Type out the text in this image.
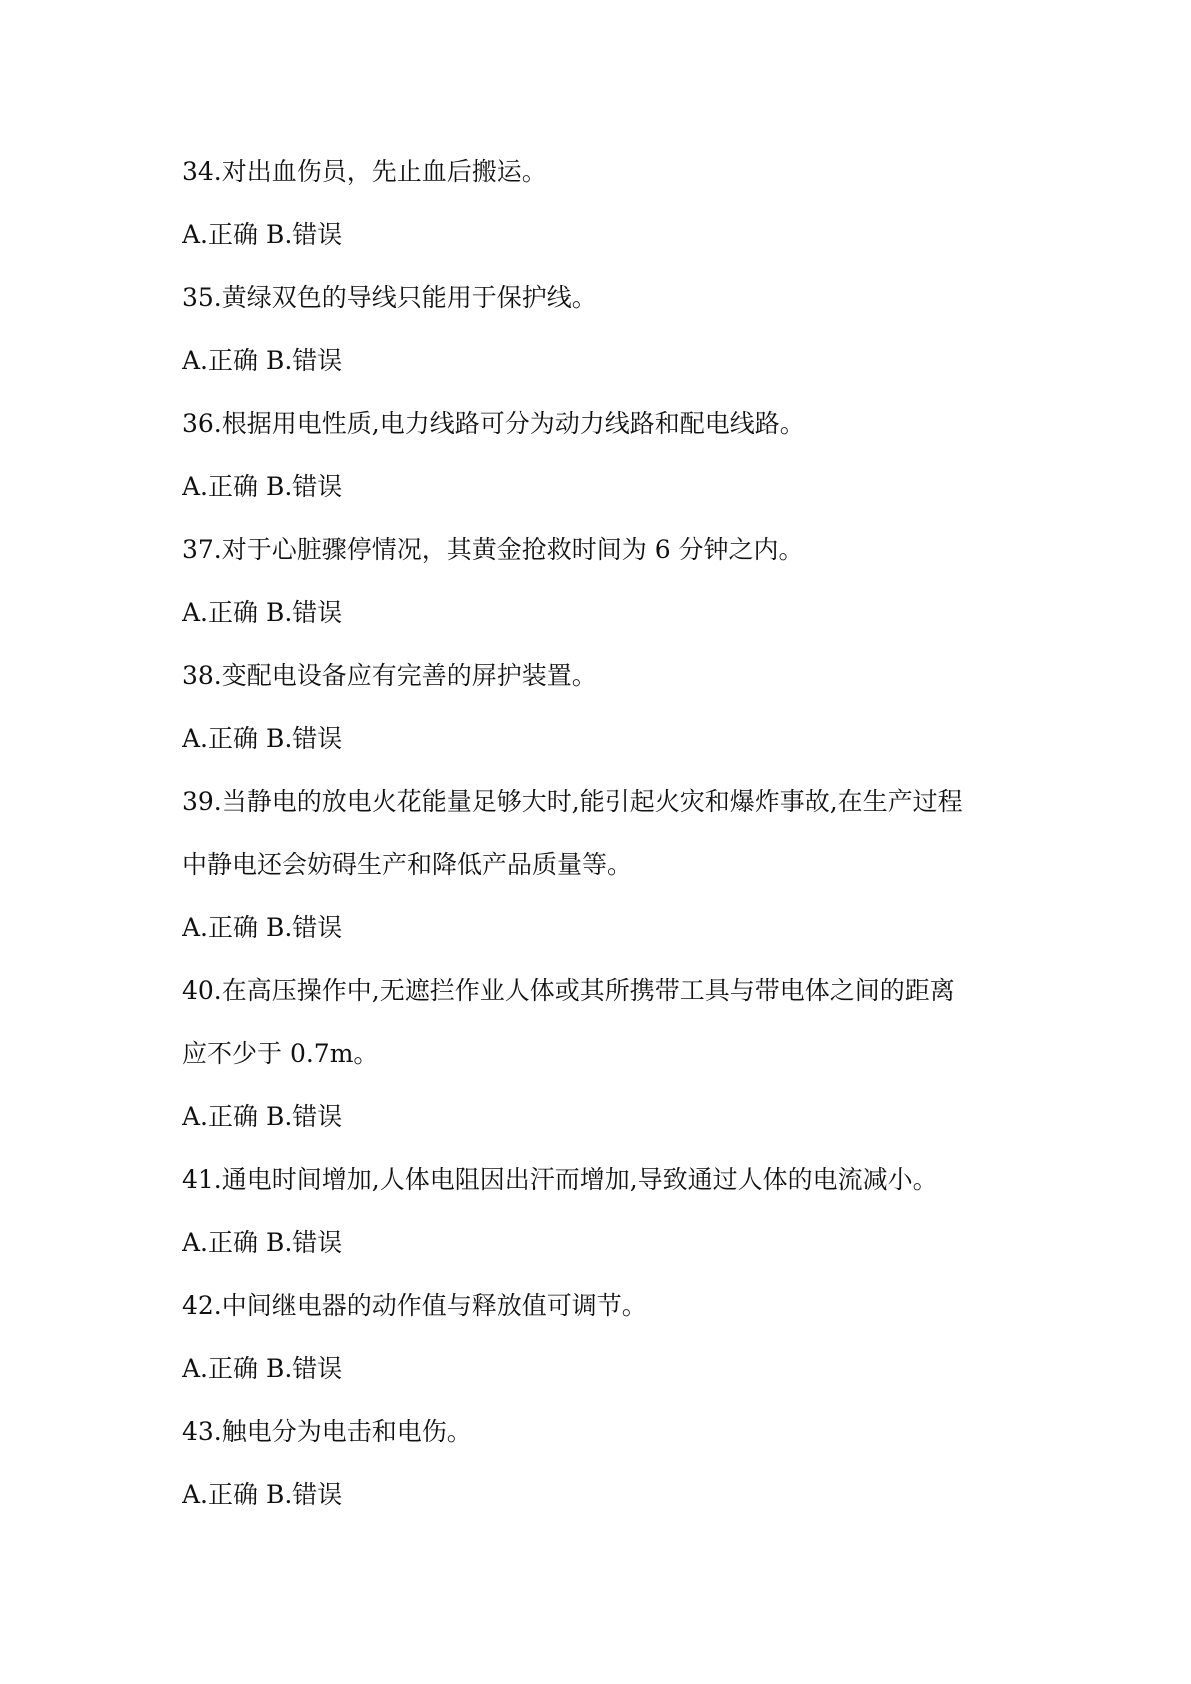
34.对出血伤员，先止血后搬运。
A.正确 B.错误
35.黄绿双色的导线只能用于保护线。
A.正确 B.错误
36.根据用电性质,电力线路可分为动力线路和配电线路。
A.正确 B.错误
37.对于心脏骤停情况，其黄金抢救时间为 6 分钟之内。
A.正确 B.错误
38.变配电设备应有完善的屏护装置。
A.正确 B.错误
39.当静电的放电火花能量足够大时,能引起火灾和爆炸事故,在生产过程
中静电还会妨碍生产和降低产品质量等。
A.正确 B.错误
40.在高压操作中,无遮拦作业人体或其所携带工具与带电体之间的距离
应不少于 0.7m。
A.正确 B.错误
41.通电时间增加,人体电阻因出汗而增加,导致通过人体的电流减小。
A.正确 B.错误
42.中间继电器的动作值与释放值可调节。
A.正确 B.错误
43.触电分为电击和电伤。
A.正确 B.错误
